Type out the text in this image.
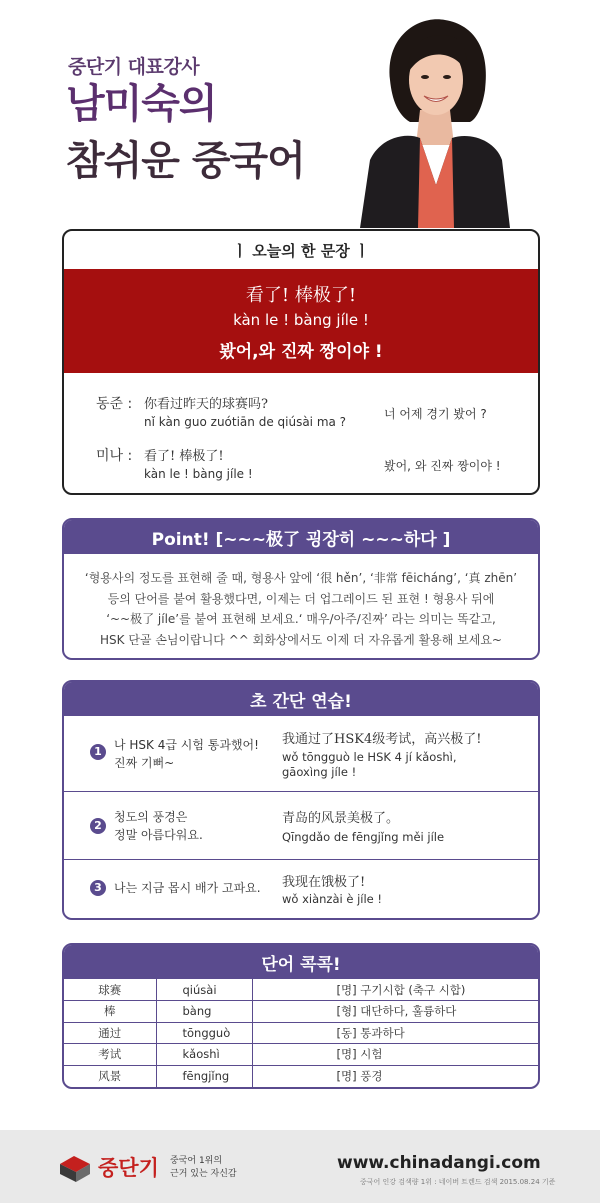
중단기 대표강사
남미숙의
참쉬운 중국어
ㅣ 오늘의 한 문장 ㅣ
看了! 棒极了!
kàn le ! bàng jíle !
봤어,와 진짜 짱이야 !
동준 : 你看过昨天的球赛吗?
nǐ kàn guo zuótiān de qiúsài ma ?
너 어제 경기 봤어 ?
미나 : 看了! 棒极了!
kàn le ! bàng jíle !
봤어, 와 진짜 짱이야 !
Point! [~~~极了 굉장히 ~~~하다 ]
‘형용사의 정도를 표현해 줄 때, 형용사 앞에 ‘很 hěn’, ‘非常 fēicháng’, ‘真 zhēn’
등의 단어를 붙여 활용했다면, 이제는 더 업그레이드 된 표현 ! 형용사 뒤에
‘~~极了 jíle’를 붙여 표현해 보세요.‘ 매우/아주/진짜’ 라는 의미는 똑같고,
HSK 단골 손님이랍니다 ^^ 회화상에서도 이제 더 자유롭게 활용해 보세요~
초 간단 연습!
1	나 HSK 4급 시험 통과했어!
진짜 기뻐~
我通过了HSK4级考试，高兴极了!
wǒ tōngguò le HSK 4 jí kǎoshì,
gāoxìng jíle !
2
청도의 풍경은
정말 아름다워요.
青岛的风景美极了。
Qīngdǎo de fēngjǐng měi jíle
3	나는 지금 몹시 배가 고파요.	我现在饿极了!
wǒ xiànzài è jíle !
단어 콕콕!
球赛	qiúsài	[명] 구기시합 (축구 시합)
棒	bàng	[형] 대단하다, 훌륭하다
通过	tōngguò	[동] 통과하다
考试	kǎoshì	[명] 시험
风景	fēngjǐng	[명] 풍경
중단기 중국어 1위의
근거 있는 자신감
www.chinadangi.com
중국어 인강 검색량 1위 : 네이버 트렌드 검색 2015.08.24 기준
